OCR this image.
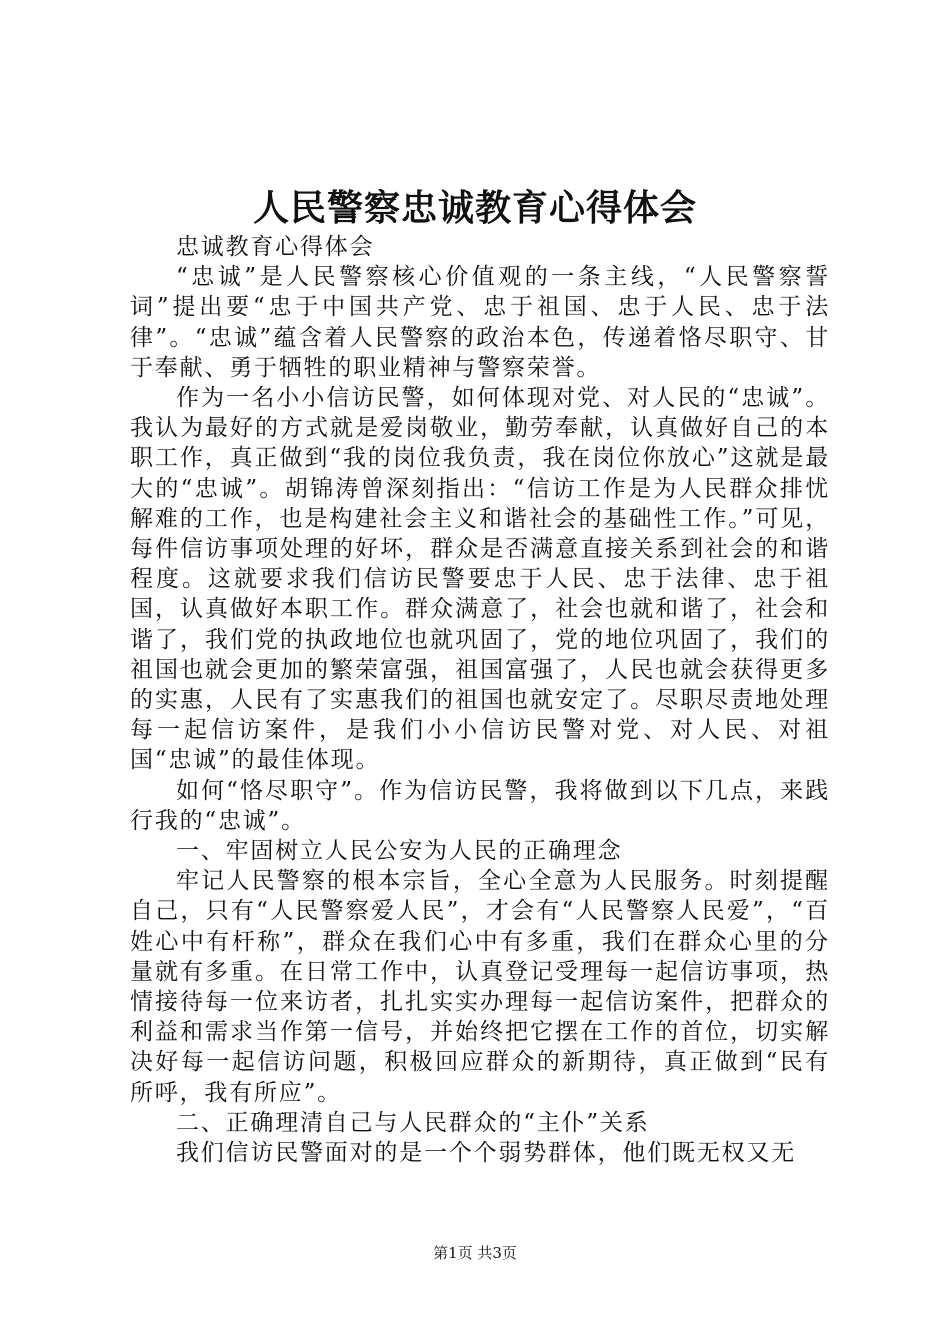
人民警察忠诚教育心得体会

忠诚教育心得体会

“忠诚”是人民警察核心价值观的一条主线，“人民警察誓词”提出要“忠于中国共产党、忠于祖国、忠于人民、忠于法律”。“忠诚”蕴含着人民警察的政治本色，传递着恪尽职守、甘于奉献、勇于牺牲的职业精神与警察荣誉。

作为一名小小信访民警，如何体现对党、对人民的“忠诚”。我认为最好的方式就是爱岗敬业，勤劳奉献，认真做好自己的本职工作，真正做到“我的岗位我负责，我在岗位你放心”这就是最大的“忠诚”。胡锦涛曾深刻指出：“信访工作是为人民群众排忧解难的工作，也是构建社会主义和谐社会的基础性工作。”可见，每件信访事项处理的好坏，群众是否满意直接关系到社会的和谐程度。这就要求我们信访民警要忠于人民、忠于法律、忠于祖国，认真做好本职工作。群众满意了，社会也就和谐了，社会和谐了，我们党的执政地位也就巩固了，党的地位巩固了，我们的祖国也就会更加的繁荣富强，祖国富强了，人民也就会获得更多的实惠，人民有了实惠我们的祖国也就安定了。尽职尽责地处理每一起信访案件，是我们小小信访民警对党、对人民、对祖国“忠诚”的最佳体现。

如何“恪尽职守”。作为信访民警，我将做到以下几点，来践行我的“忠诚”。

一、牢固树立人民公安为人民的正确理念

牢记人民警察的根本宗旨，全心全意为人民服务。时刻提醒自己，只有“人民警察爱人民”，才会有“人民警察人民爱”，“百姓心中有杆称”，群众在我们心中有多重，我们在群众心里的分量就有多重。在日常工作中，认真登记受理每一起信访事项，热情接待每一位来访者，扎扎实实办理每一起信访案件，把群众的利益和需求当作第一信号，并始终把它摆在工作的首位，切实解决好每一起信访问题，积极回应群众的新期待，真正做到“民有所呼，我有所应”。

二、正确理清自己与人民群众的“主仆”关系

我们信访民警面对的是一个个弱势群体，他们既无权又无

第1页 共3页
